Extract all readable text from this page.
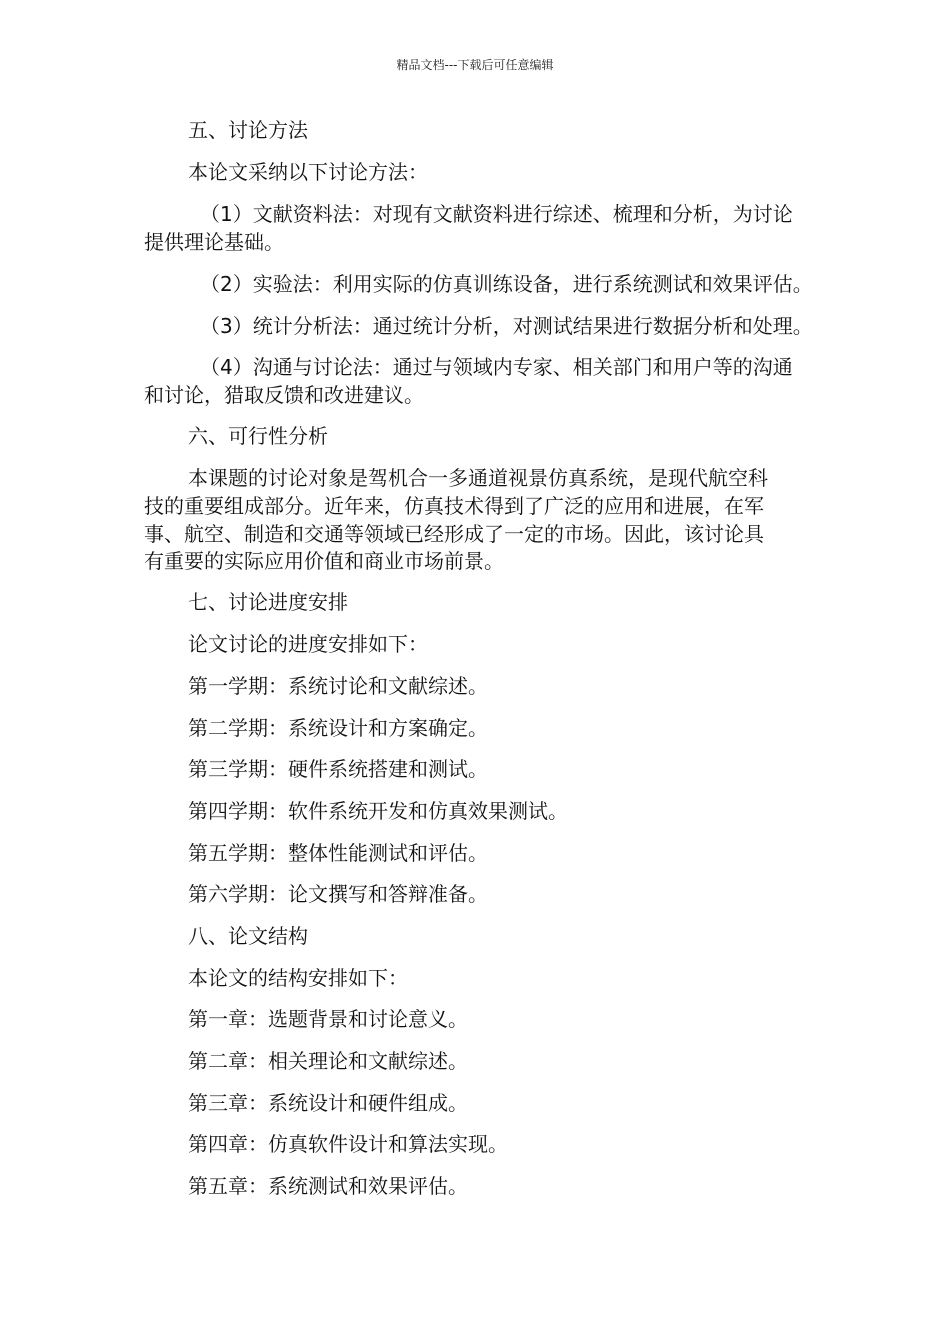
精品文档---下载后可任意编辑
五、讨论方法
本论文采纳以下讨论方法：
（1）文献资料法：对现有文献资料进行综述、梳理和分析，为讨论
提供理论基础。
（2）实验法：利用实际的仿真训练设备，进行系统测试和效果评估。
（3）统计分析法：通过统计分析，对测试结果进行数据分析和处理。
（4）沟通与讨论法：通过与领域内专家、相关部门和用户等的沟通
和讨论，猎取反馈和改进建议。
六、可行性分析
本课题的讨论对象是驾机合一多通道视景仿真系统，是现代航空科
技的重要组成部分。近年来，仿真技术得到了广泛的应用和进展，在军
事、航空、制造和交通等领域已经形成了一定的市场。因此，该讨论具
有重要的实际应用价值和商业市场前景。
七、讨论进度安排
论文讨论的进度安排如下：
第一学期：系统讨论和文献综述。
第二学期：系统设计和方案确定。
第三学期：硬件系统搭建和测试。
第四学期：软件系统开发和仿真效果测试。
第五学期：整体性能测试和评估。
第六学期：论文撰写和答辩准备。
八、论文结构
本论文的结构安排如下：
第一章：选题背景和讨论意义。
第二章：相关理论和文献综述。
第三章：系统设计和硬件组成。
第四章：仿真软件设计和算法实现。
第五章：系统测试和效果评估。
